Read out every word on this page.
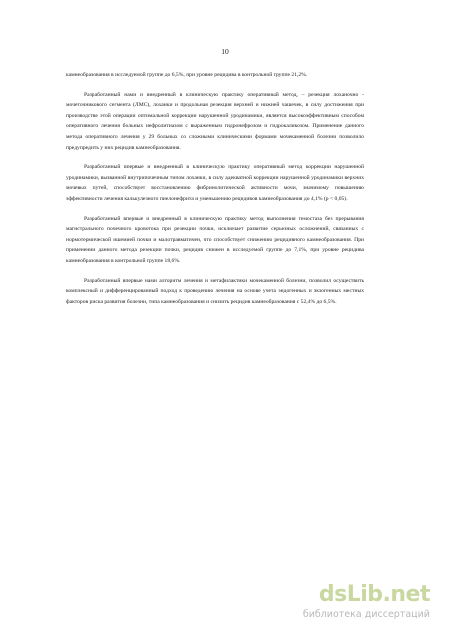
10

камнеобразования в исследуемой группе до 6,5%, при уровне рецидива в контрольной группе 21,2%.

Разработанный нами и внедренный в клиническую практику оперативный метод, – резекция лоханочно - мочеточникового сегмента (ЛМС), лоханки и продольная резекция верхней и нижней чашечек, в силу достижения при производстве этой операции оптимальной коррекции нарушенной уродинамики, является высокоэффективным способом оперативного лечения больных нефролитиазом с выраженным гидронефрозом и гидрокаликозом. Применение данного метода оперативного лечения у 29 больных со сложными клиническими формами мочекаменной болезни позволило предупредить у них рецидив камнеобразования.

Разработанный впервые и внедренный в клиническую практику оперативный метод коррекции нарушенной уродинамики, вызванной внутрипочечным типом лоханки, в силу адекватной коррекции нарушенной уродинамики верхних мочевых путей, способствует восстановлению фибринолитической активности мочи, значимому повышению эффективности лечения калькулезного пиелонефрита и уменьшению рецидивов камнеобразования до 4,1% (р < 0,05).

Разработанный впервые и внедренный в клиническую практику метод выполнения гемостаза без прерывания магистрального почечного кровотока при резекции почки, исключает развитие серьезных осложнений, связанных с нормотермической ишемией почки и малотравматичен, что способствует снижению рецидивного камнеобразования. При применении данного метода резекции почки, рецидив снижен в исследуемой группе до 7,1%, при уровне рецидива камнеобразования в контрольной группе 18,6%.

Разработанный впервые нами алгоритм лечения и метафилактики мочекаменной болезни, позволил осуществить комплексный и дифференцированный подход к проведению лечения на основе учета эндогенных и экзогенных местных факторов риска развития болезни, типа камнеобразования и снизить рецидив камнеобразования с 52,4% до 6,5%.

dsLib.net
библиотека диссертаций
